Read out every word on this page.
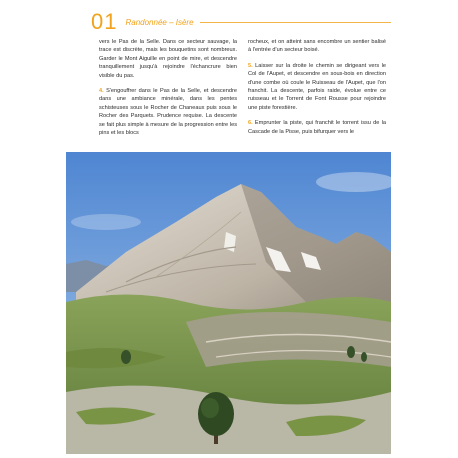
01 Randonnée – Isère

vers le Pas de la Selle. Dans ce secteur sauvage, la trace est discrète, mais les bouquetins sont nombreux. Garder le Mont Aiguille en point de mire, et descendre tranquillement jusqu'à rejoindre l'échancrure bien visible du pas.

4. S'engouffrer dans le Pas de la Selle, et descendre dans une ambiance minérale, dans les pentes schisteuses sous le Rocher de Chaneaux puis sous le Rocher des Parquets. Prudence requise. La descente se fait plus simple à mesure de la progression entre les pins et les blocs

rocheux, et on atteint sans encombre un sentier balisé à l'entrée d'un secteur boisé.

5. Laisser sur la droite le chemin se dirigeant vers le Col de l'Aupet, et descendre en sous-bois en direction d'une combe où coule le Ruisseau de l'Aupet, que l'on franchit. La descente, parfois raide, évolue entre ce ruisseau et le Torrent de Font Rousse pour rejoindre une piste forestière.

6. Emprunter la piste, qui franchit le torrent issu de la Cascade de la Pisse, puis bifurquer vers le
